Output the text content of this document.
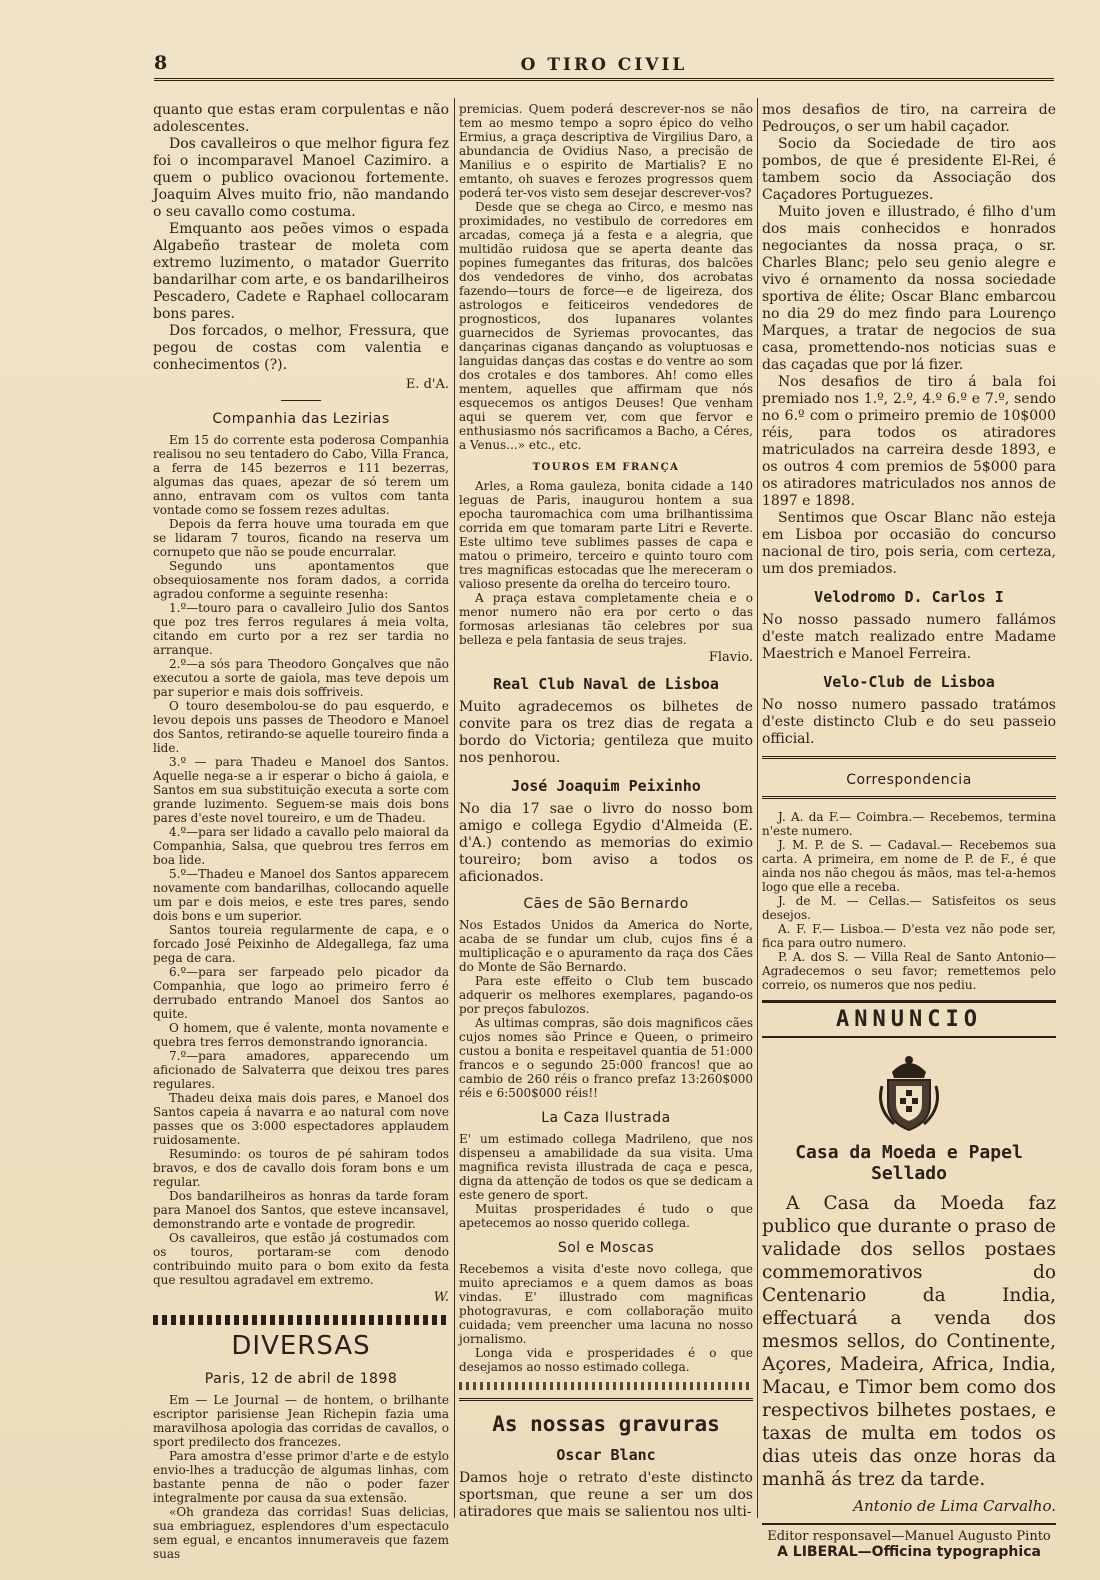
8	O TIRO CIVIL

quanto que estas eram corpulentas e não adolescentes.

Dos cavalleiros o que melhor figura fez foi o incomparavel Manoel Cazimiro. a quem o publico ovacionou fortemente. Joaquim Alves muito frio, não mandando o seu cavallo como costuma.

Emquanto aos peões vimos o espada Algabeño trastear de moleta com extremo luzimento, o matador Guerrito bandarilhar com arte, e os bandarilheiros Pescadero, Cadete e Raphael collocaram bons pares.

Dos forcados, o melhor, Fressura, que pegou de costas com valentia e conhecimentos (?).

E. d'A.
Companhia das Lezirias

Em 15 do corrente esta poderosa Companhia realisou no seu tentadero do Cabo, Villa Franca, a ferra de 145 bezerros e 111 bezerras, algumas das quaes, apezar de só terem um anno, entravam com os vultos com tanta vontade como se fossem rezes adultas.

Depois da ferra houve uma tourada em que se lidaram 7 touros, ficando na reserva um cornupeto que não se poude encurralar.

Segundo uns apontamentos que obsequiosamente nos foram dados, a corrida agradou conforme a seguinte resenha:

1.º—touro para o cavalleiro Julio dos Santos que poz tres ferros regulares á meia volta, citando em curto por a rez ser tardia no arranque.

2.º—a sós para Theodoro Gonçalves que não executou a sorte de gaiola, mas teve depois um par superior e mais dois soffriveis.

O touro desembolou-se do pau esquerdo, e levou depois uns passes de Theodoro e Manoel dos Santos, retirando-se aquelle toureiro finda a lide.

3.º — para Thadeu e Manoel dos Santos. Aquelle nega-se a ir esperar o bicho á gaiola, e Santos em sua substituição executa a sorte com grande luzimento. Seguem-se mais dois bons pares d'este novel toureiro, e um de Thadeu.

4.º—para ser lidado a cavallo pelo maioral da Companhia, Salsa, que quebrou tres ferros em boa lide.

5.º—Thadeu e Manoel dos Santos apparecem novamente com bandarilhas, collocando aquelle um par e dois meios, e este tres pares, sendo dois bons e um superior.

Santos toureia regularmente de capa, e o forcado José Peixinho de Aldegallega, faz uma pega de cara.

6.º—para ser farpeado pelo picador da Companhia, que logo ao primeiro ferro é derrubado entrando Manoel dos Santos ao quite.

O homem, que é valente, monta novamente e quebra tres ferros demonstrando ignorancia.

7.º—para amadores, apparecendo um aficionado de Salvaterra que deixou tres pares regulares.

Thadeu deixa mais dois pares, e Manoel dos Santos capeia á navarra e ao natural com nove passes que os 3:000 espectadores applaudem ruidosamente.

Resumindo: os touros de pé sahiram todos bravos, e dos de cavallo dois foram bons e um regular.

Dos bandarilheiros as honras da tarde foram para Manoel dos Santos, que esteve incansavel, demonstrando arte e vontade de progredir.

Os cavalleiros, que estão já costumados com os touros, portaram-se com denodo contribuindo muito para o bom exito da festa que resultou agradavel em extremo.

W.
DIVERSAS
Paris, 12 de abril de 1898

Em — Le Journal — de hontem, o brilhante escriptor parisiense Jean Richepin fazia uma maravilhosa apologia das corridas de cavallos, o sport predilecto dos francezes.

Para amostra d'esse primor d'arte e de estylo envio-lhes a traducção de algumas linhas, com bastante penna de não o poder fazer integralmente por causa da sua extensão.

«Oh grandeza das corridas! Suas delicias, sua embriaguez, esplendores d'um espectaculo sem egual, e encantos innumeraveis que fazem suas

premicias. Quem poderá descrever-nos se não tem ao mesmo tempo a sopro épico do velho Ermius, a graça descriptiva de Virgilius Daro, a abundancia de Ovidius Naso, a precisão de Manilius e o espirito de Martialis? E no emtanto, oh suaves e ferozes progressos quem poderá ter-vos visto sem desejar descrever-vos?

Desde que se chega ao Circo, e mesmo nas proximidades, no vestibulo de corredores em arcadas, começa já a festa e a alegria, que multidão ruidosa que se aperta deante das popines fumegantes das frituras, dos balcões dos vendedores de vinho, dos acrobatas fazendo—tours de force—e de ligeireza, dos astrologos e feiticeiros vendedores de prognosticos, dos lupanares volantes guarnecidos de Syriemas provocantes, das dançarinas ciganas dançando as voluptuosas e languidas danças das costas e do ventre ao som dos crotales e dos tambores. Ah! como elles mentem, aquelles que affirmam que nós esquecemos os antigos Deuses! Que venham aqui se querem ver, com que fervor e enthusiasmo nós sacrificamos a Bacho, a Céres, a Venus...» etc., etc.

TOUROS EM FRANÇA

Arles, a Roma gauleza, bonita cidade a 140 leguas de Paris, inaugurou hontem a sua epocha tauromachica com uma brilhantissima corrida em que tomaram parte Litri e Reverte. Este ultimo teve sublimes passes de capa e matou o primeiro, terceiro e quinto touro com tres magnificas estocadas que lhe mereceram o valioso presente da orelha do terceiro touro.

A praça estava completamente cheia e o menor numero não era por certo o das formosas arlesianas tão celebres por sua belleza e pela fantasia de seus trajes.

Flavio.
Real Club Naval de Lisboa

Muito agradecemos os bilhetes de convite para os trez dias de regata a bordo do Victoria; gentileza que muito nos penhorou.

José Joaquim Peixinho

No dia 17 sae o livro do nosso bom amigo e collega Egydio d'Almeida (E. d'A.) contendo as memorias do eximio toureiro; bom aviso a todos os aficionados.

Cães de São Bernardo

Nos Estados Unidos da America do Norte, acaba de se fundar um club, cujos fins é a multiplicação e o apuramento da raça dos Cães do Monte de São Bernardo.

Para este effeito o Club tem buscado adquerir os melhores exemplares, pagando-os por preços fabulozos.

As ultimas compras, são dois magnificos cães cujos nomes são Prince e Queen, o primeiro custou a bonita e respeitavel quantia de 51:000 francos e o segundo 25:000 francos! que ao cambio de 260 réis o franco prefaz 13:260$000 réis e 6:500$000 réis!!

La Caza Ilustrada

E' um estimado collega Madrileno, que nos dispenseu a amabilidade da sua visita. Uma magnifica revista illustrada de caça e pesca, digna da attenção de todos os que se dedicam a este genero de sport.

Muitas prosperidades é tudo o que apetecemos ao nosso querido collega.

Sol e Moscas

Recebemos a visita d'este novo collega, que muito apreciamos e a quem damos as boas vindas. E' illustrado com magnificas photogravuras, e com collaboração muito cuidada; vem preencher uma lacuna no nosso jornalismo.

Longa vida e prosperidades é o que desejamos ao nosso estimado collega.

As nossas gravuras
Oscar Blanc

Damos hoje o retrato d'este distincto sportsman, que reune a ser um dos atiradores que mais se salientou nos ulti-

mos desafios de tiro, na carreira de Pedrouços, o ser um habil caçador.

Socio da Sociedade de tiro aos pombos, de que é presidente El-Rei, é tambem socio da Associação dos Caçadores Portuguezes.

Muito joven e illustrado, é filho d'um dos mais conhecidos e honrados negociantes da nossa praça, o sr. Charles Blanc; pelo seu genio alegre e vivo é ornamento da nossa sociedade sportiva de élite; Oscar Blanc embarcou no dia 29 do mez findo para Lourenço Marques, a tratar de negocios de sua casa, promettendo-nos noticias suas e das caçadas que por lá fizer.

Nos desafios de tiro á bala foi premiado nos 1.º, 2.º, 4.º 6.º e 7.º, sendo no 6.º com o primeiro premio de 10$000 réis, para todos os atiradores matriculados na carreira desde 1893, e os outros 4 com premios de 5$000 para os atiradores matriculados nos annos de 1897 e 1898.

Sentimos que Oscar Blanc não esteja em Lisboa por occasião do concurso nacional de tiro, pois seria, com certeza, um dos premiados.

Velodromo D. Carlos I

No nosso passado numero fallámos d'este match realizado entre Madame Maestrich e Manoel Ferreira.

Velo-Club de Lisboa

No nosso numero passado tratámos d'este distincto Club e do seu passeio official.

Correspondencia

J. A. da F.— Coimbra.— Recebemos, termina n'este numero.

J. M. P. de S. — Cadaval.— Recebemos sua carta. A primeira, em nome de P. de F., é que ainda nos não chegou ás mãos, mas tel-a-hemos logo que elle a receba.

J. de M. — Cellas.— Satisfeitos os seus desejos.

A. F. F.— Lisboa.— D'esta vez não pode ser, fica para outro numero.

P. A. dos S. — Villa Real de Santo Antonio— Agradecemos o seu favor; remettemos pelo correio, os numeros que nos pediu.

ANNUNCIO
Casa da Moeda e Papel Sellado

A Casa da Moeda faz publico que durante o praso de validade dos sellos postaes commemorativos do Centenario da India, effectuará a venda dos mesmos sellos, do Continente, Açores, Madeira, Africa, India, Macau, e Timor bem como dos respectivos bilhetes postaes, e taxas de multa em todos os dias uteis das onze horas da manhã ás trez da tarde.

Antonio de Lima Carvalho.
Editor responsavel—Manuel Augusto Pinto
A LIBERAL—Officina typographica
